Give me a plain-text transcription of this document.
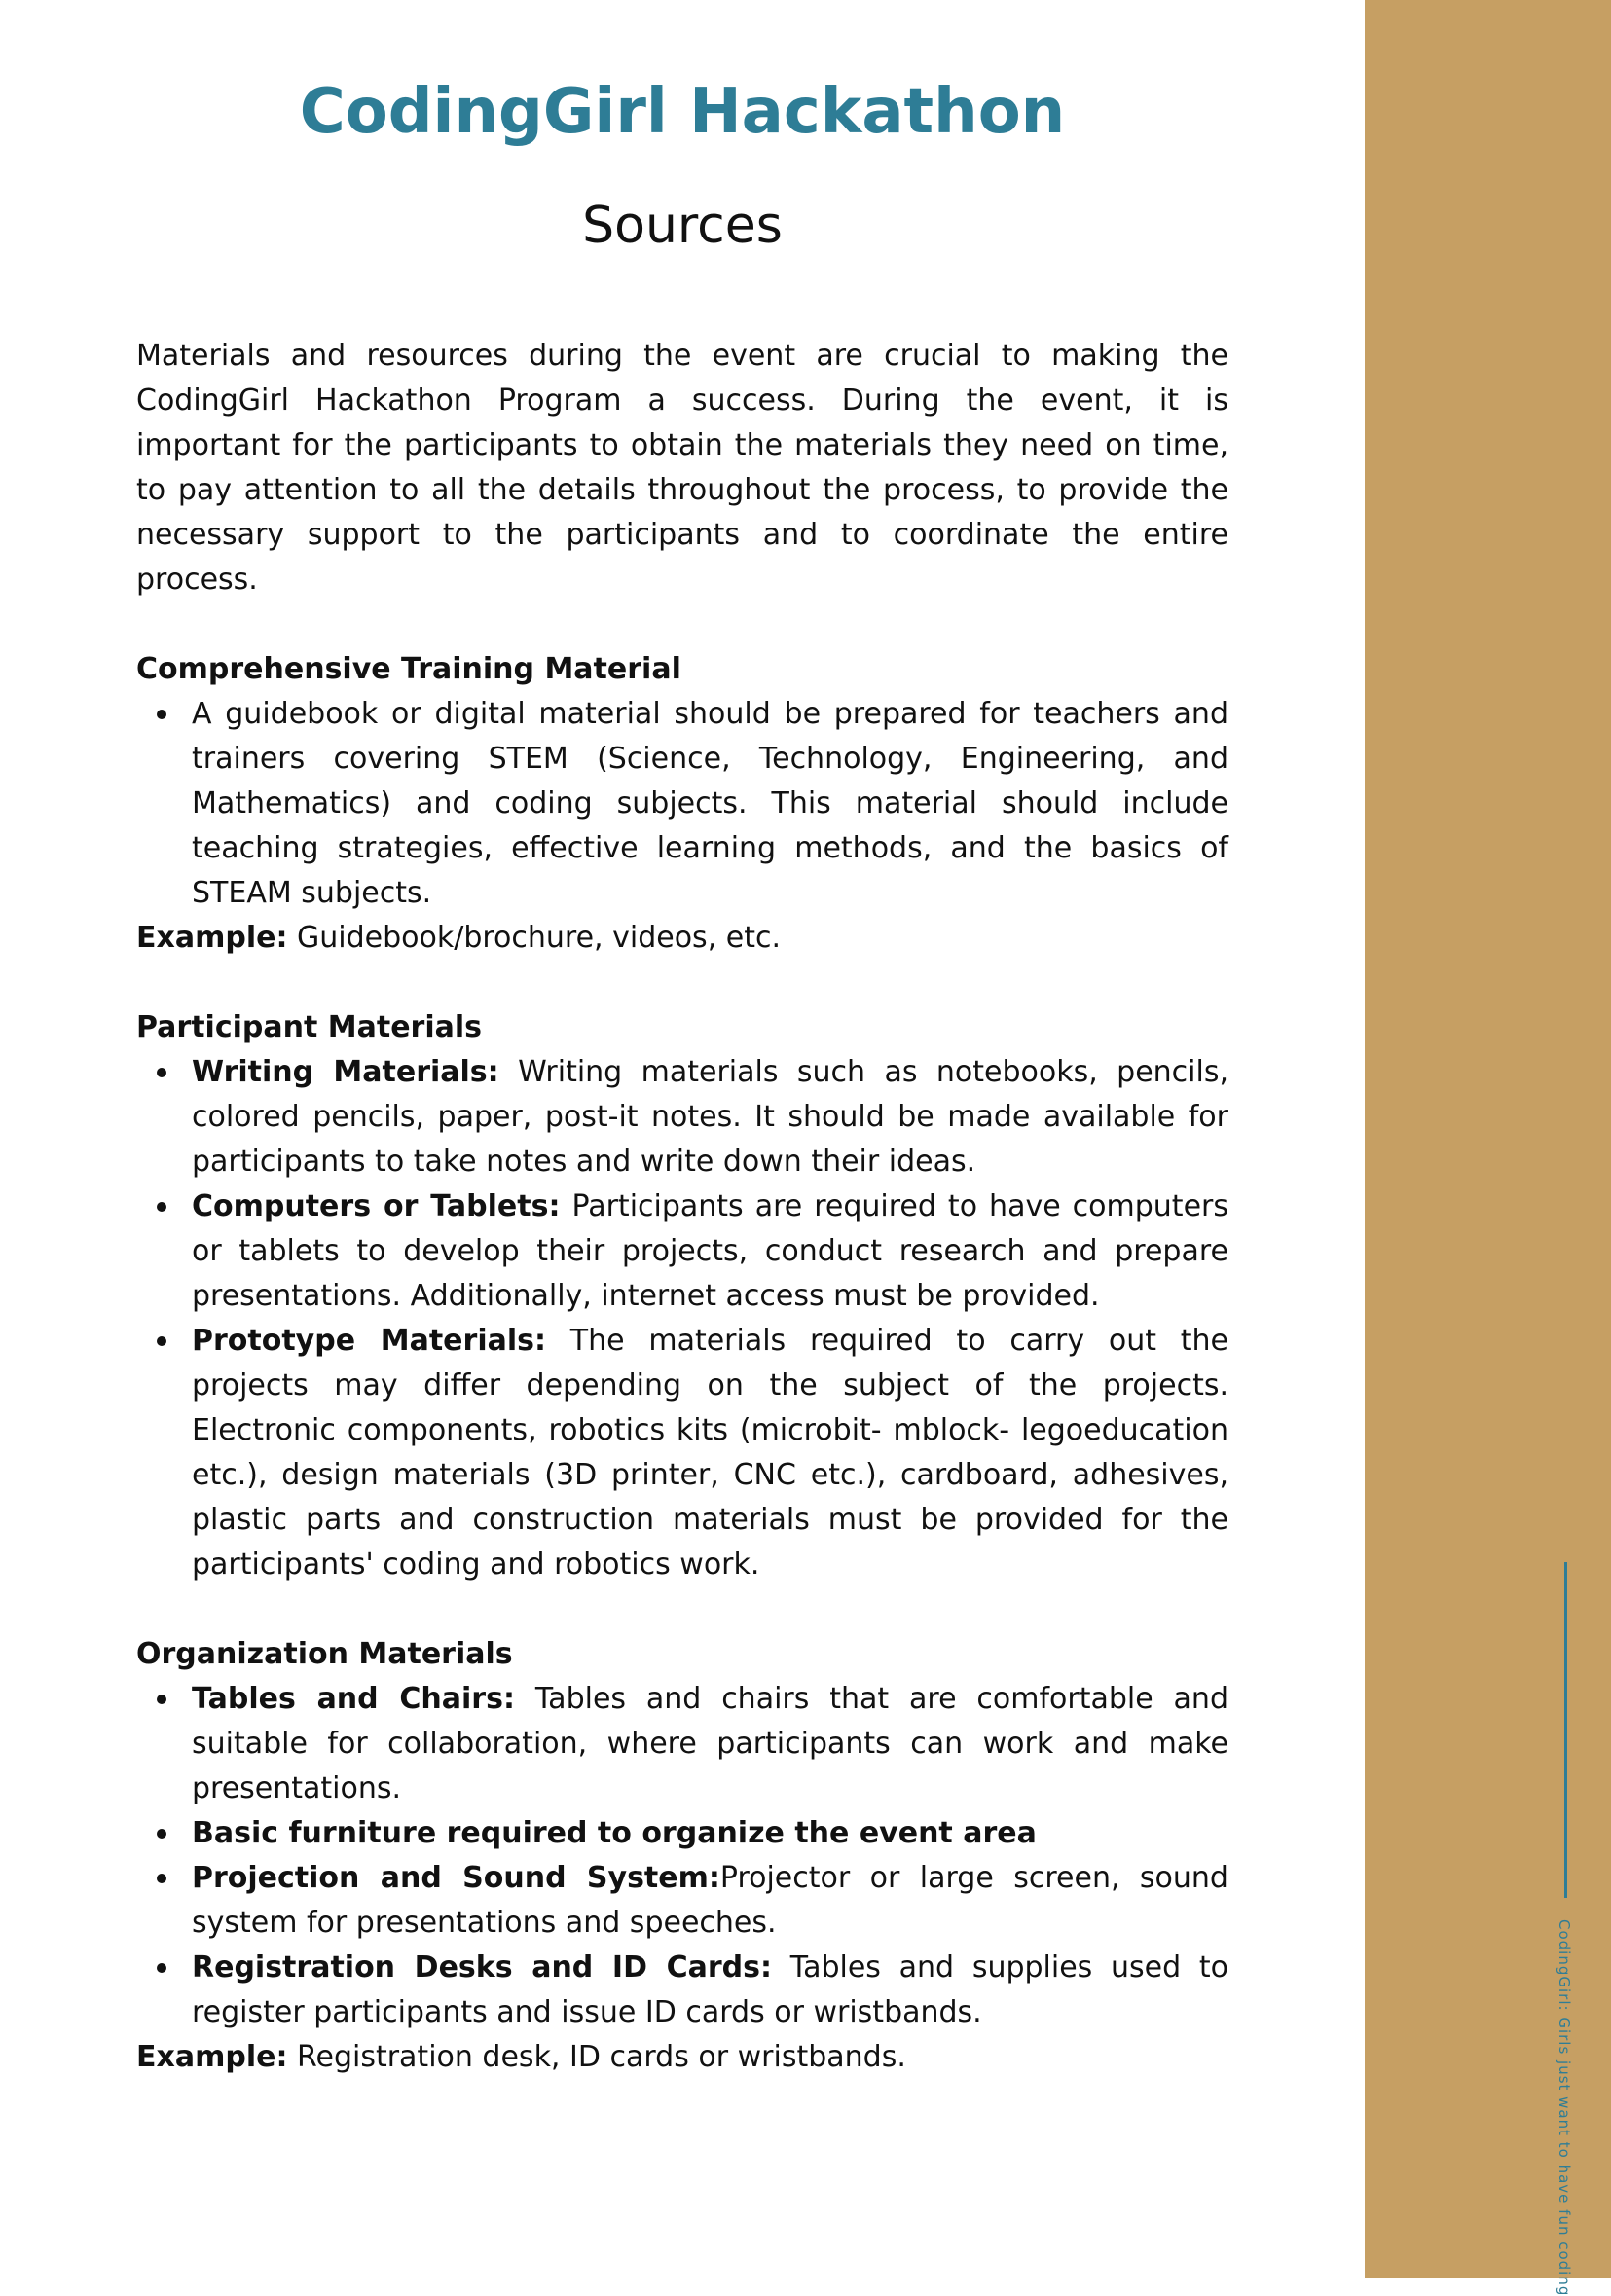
CodingGirl: Girls just want to have fun coding
CodingGirl Hackathon
Sources

Materials and resources during the event are crucial to making the CodingGirl Hackathon Program a success. During the event, it is important for the participants to obtain the materials they need on time, to pay attention to all the details throughout the process, to provide the necessary support to the participants and to coordinate the entire process.

Comprehensive Training Material

A guidebook or digital material should be prepared for teachers and trainers covering STEM (Science, Technology, Engineering, and Mathematics) and coding subjects. This material should include teaching strategies, effective learning methods, and the basics of STEAM subjects.

Example: Guidebook/brochure, videos, etc.

Participant Materials

Writing Materials: Writing materials such as notebooks, pencils, colored pencils, paper, post-it notes. It should be made available for participants to take notes and write down their ideas.
Computers or Tablets: Participants are required to have computers or tablets to develop their projects, conduct research and prepare presentations. Additionally, internet access must be provided.
Prototype Materials: The materials required to carry out the projects may differ depending on the subject of the projects. Electronic components, robotics kits (microbit- mblock- legoeducation etc.), design materials (3D printer, CNC etc.), cardboard, adhesives, plastic parts and construction materials must be provided for the participants' coding and robotics work.

Organization Materials

Tables and Chairs: Tables and chairs that are comfortable and suitable for collaboration, where participants can work and make presentations.
Basic furniture required to organize the event area
Projection and Sound System:Projector or large screen, sound system for presentations and speeches.
Registration Desks and ID Cards: Tables and supplies used to register participants and issue ID cards or wristbands.

Example: Registration desk, ID cards or wristbands.
